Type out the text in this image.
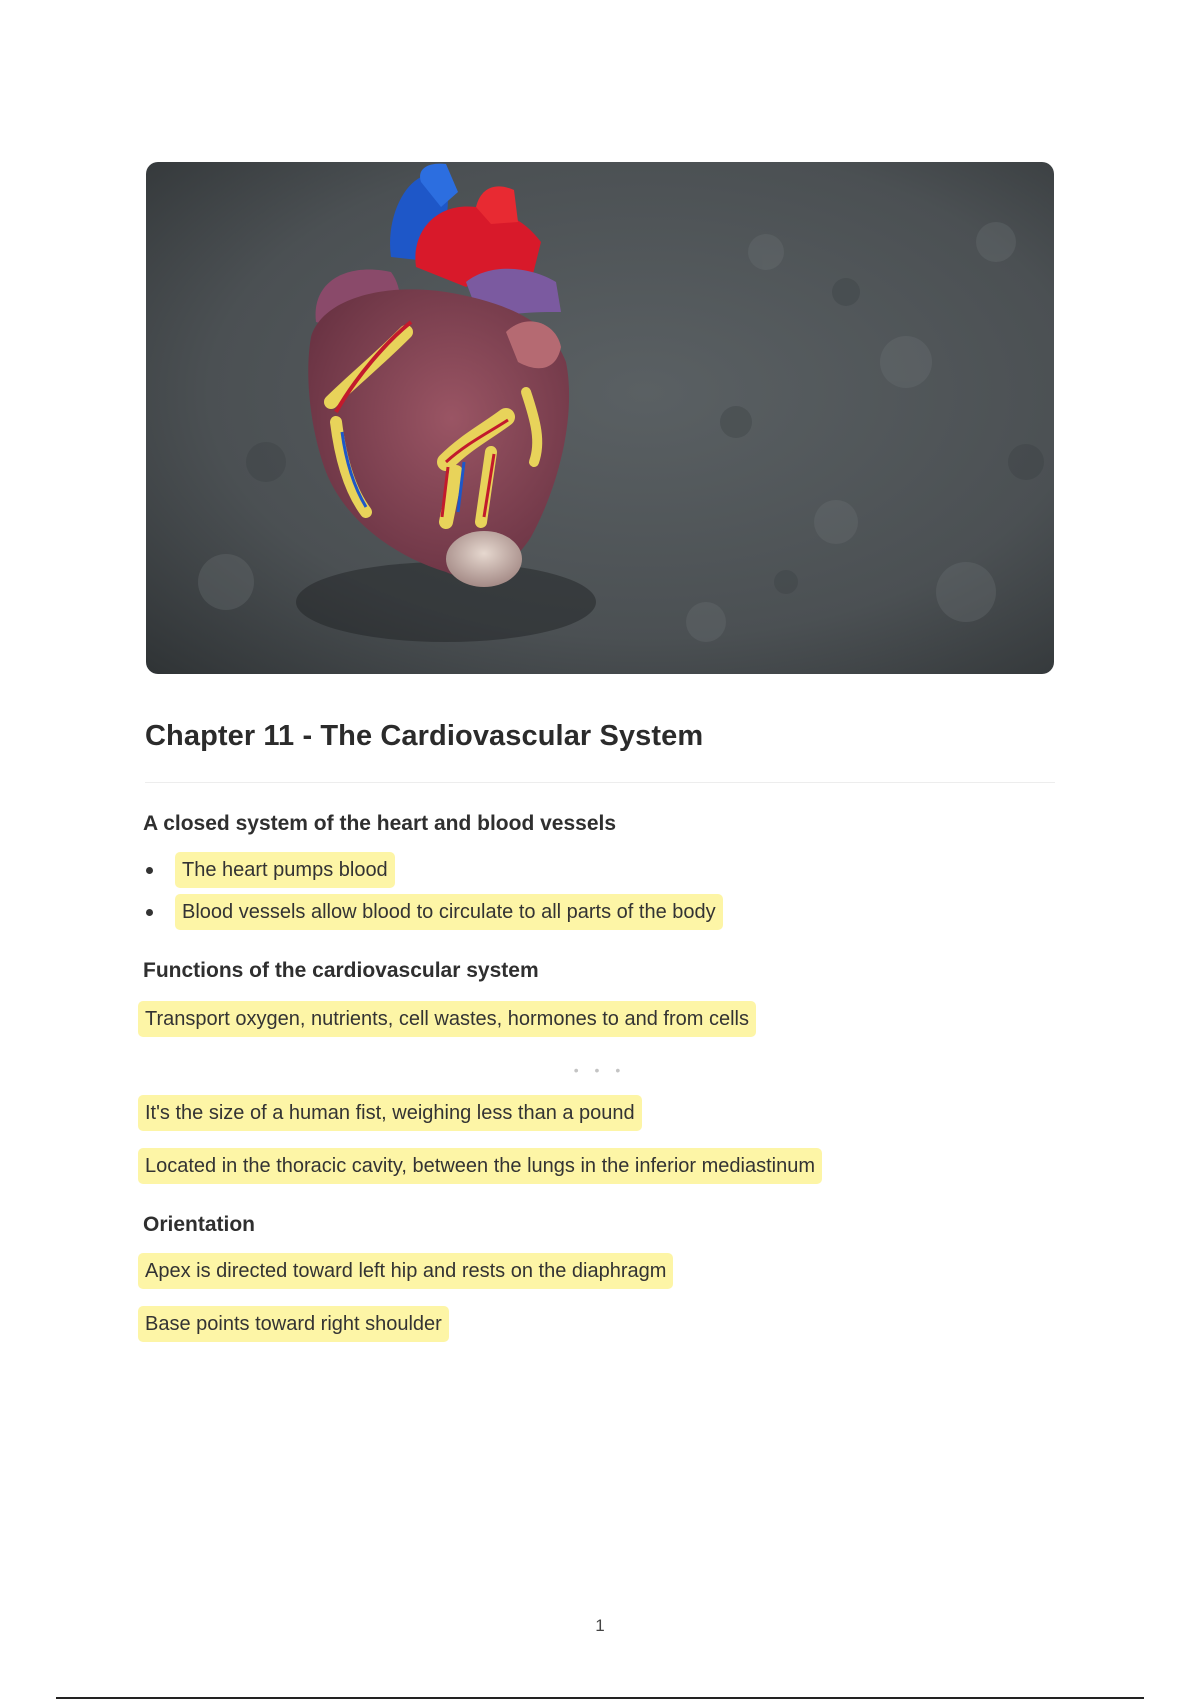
Chapter 11 - The Cardiovascular System
A closed system of the heart and blood vessels
The heart pumps blood
Blood vessels allow blood to circulate to all parts of the body
Functions of the cardiovascular system
Transport oxygen, nutrients, cell wastes, hormones to and from cells
• • •
It's the size of a human fist, weighing less than a pound
Located in the thoracic cavity, between the lungs in the inferior mediastinum
Orientation
Apex is directed toward left hip and rests on the diaphragm
Base points toward right shoulder
1
